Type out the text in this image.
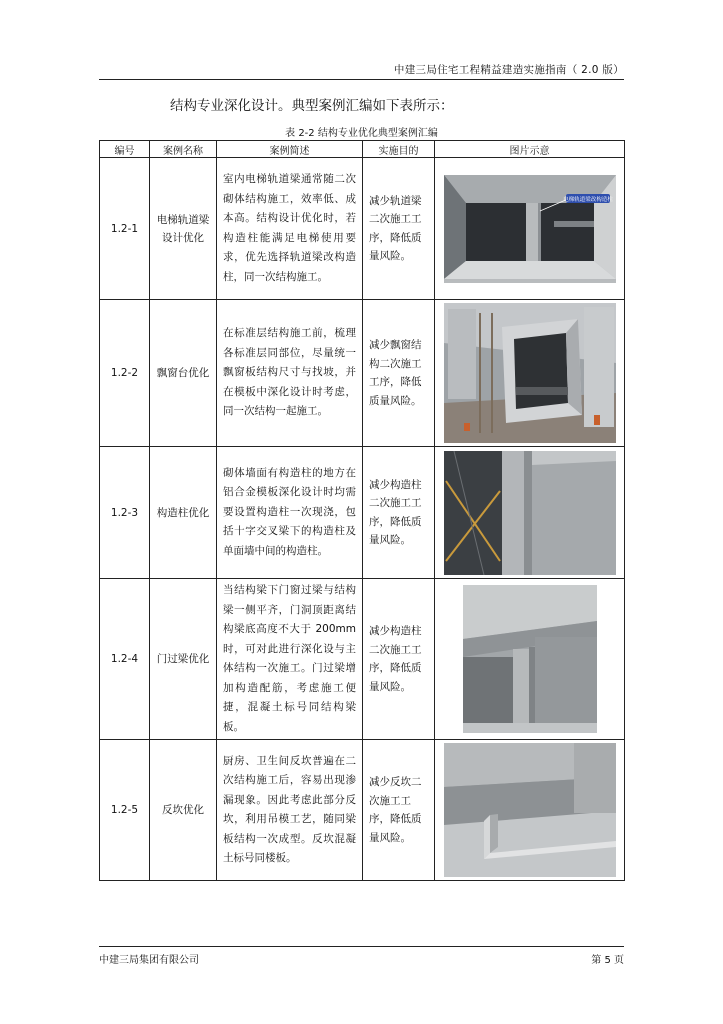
中建三局住宅工程精益建造实施指南（ 2.0 版）
结构专业深化设计。典型案例汇编如下表所示：
表 2-2 结构专业优化典型案例汇编
编号	案例名称	案例简述	实施目的	图片示意
1.2-1	电梯轨道梁设计优化	室内电梯轨道梁通常随二次砌体结构施工，效率低、成本高。结构设计优化时，若构造柱能满足电梯使用要求，优先选择轨道梁改构造柱，同一次结构施工。	减少轨道梁二次施工工序，降低质量风险。	电梯轨道梁改构造柱

1.2-2	飘窗台优化	在标准层结构施工前，梳理各标准层同部位，尽量统一飘窗板结构尺寸与找坡，并在模板中深化设计时考虑，同一次结构一起施工。	减少飘窗结构二次施工工序，降低质量风险。	

1.2-3	构造柱优化	砌体墙面有构造柱的地方在铝合金模板深化设计时均需要设置构造柱一次现浇，包括十字交叉梁下的构造柱及单面墙中间的构造柱。	减少构造柱二次施工工序，降低质量风险。	

1.2-4	门过梁优化	当结构梁下门窗过梁与结构梁一侧平齐，门洞顶距离结构梁底高度不大于 200mm时，可对此进行深化设与主体结构一次施工。门过梁增加构造配筋，考虑施工便捷，混凝土标号同结构梁板。	减少构造柱二次施工工序，降低质量风险。	

1.2-5	反坎优化	厨房、卫生间反坎普遍在二次结构施工后，容易出现渗漏现象。因此考虑此部分反坎，利用吊模工艺，随同梁板结构一次成型。反坎混凝土标号同楼板。	减少反坎二次施工工序，降低质量风险。	
中建三局集团有限公司	第 5 页
